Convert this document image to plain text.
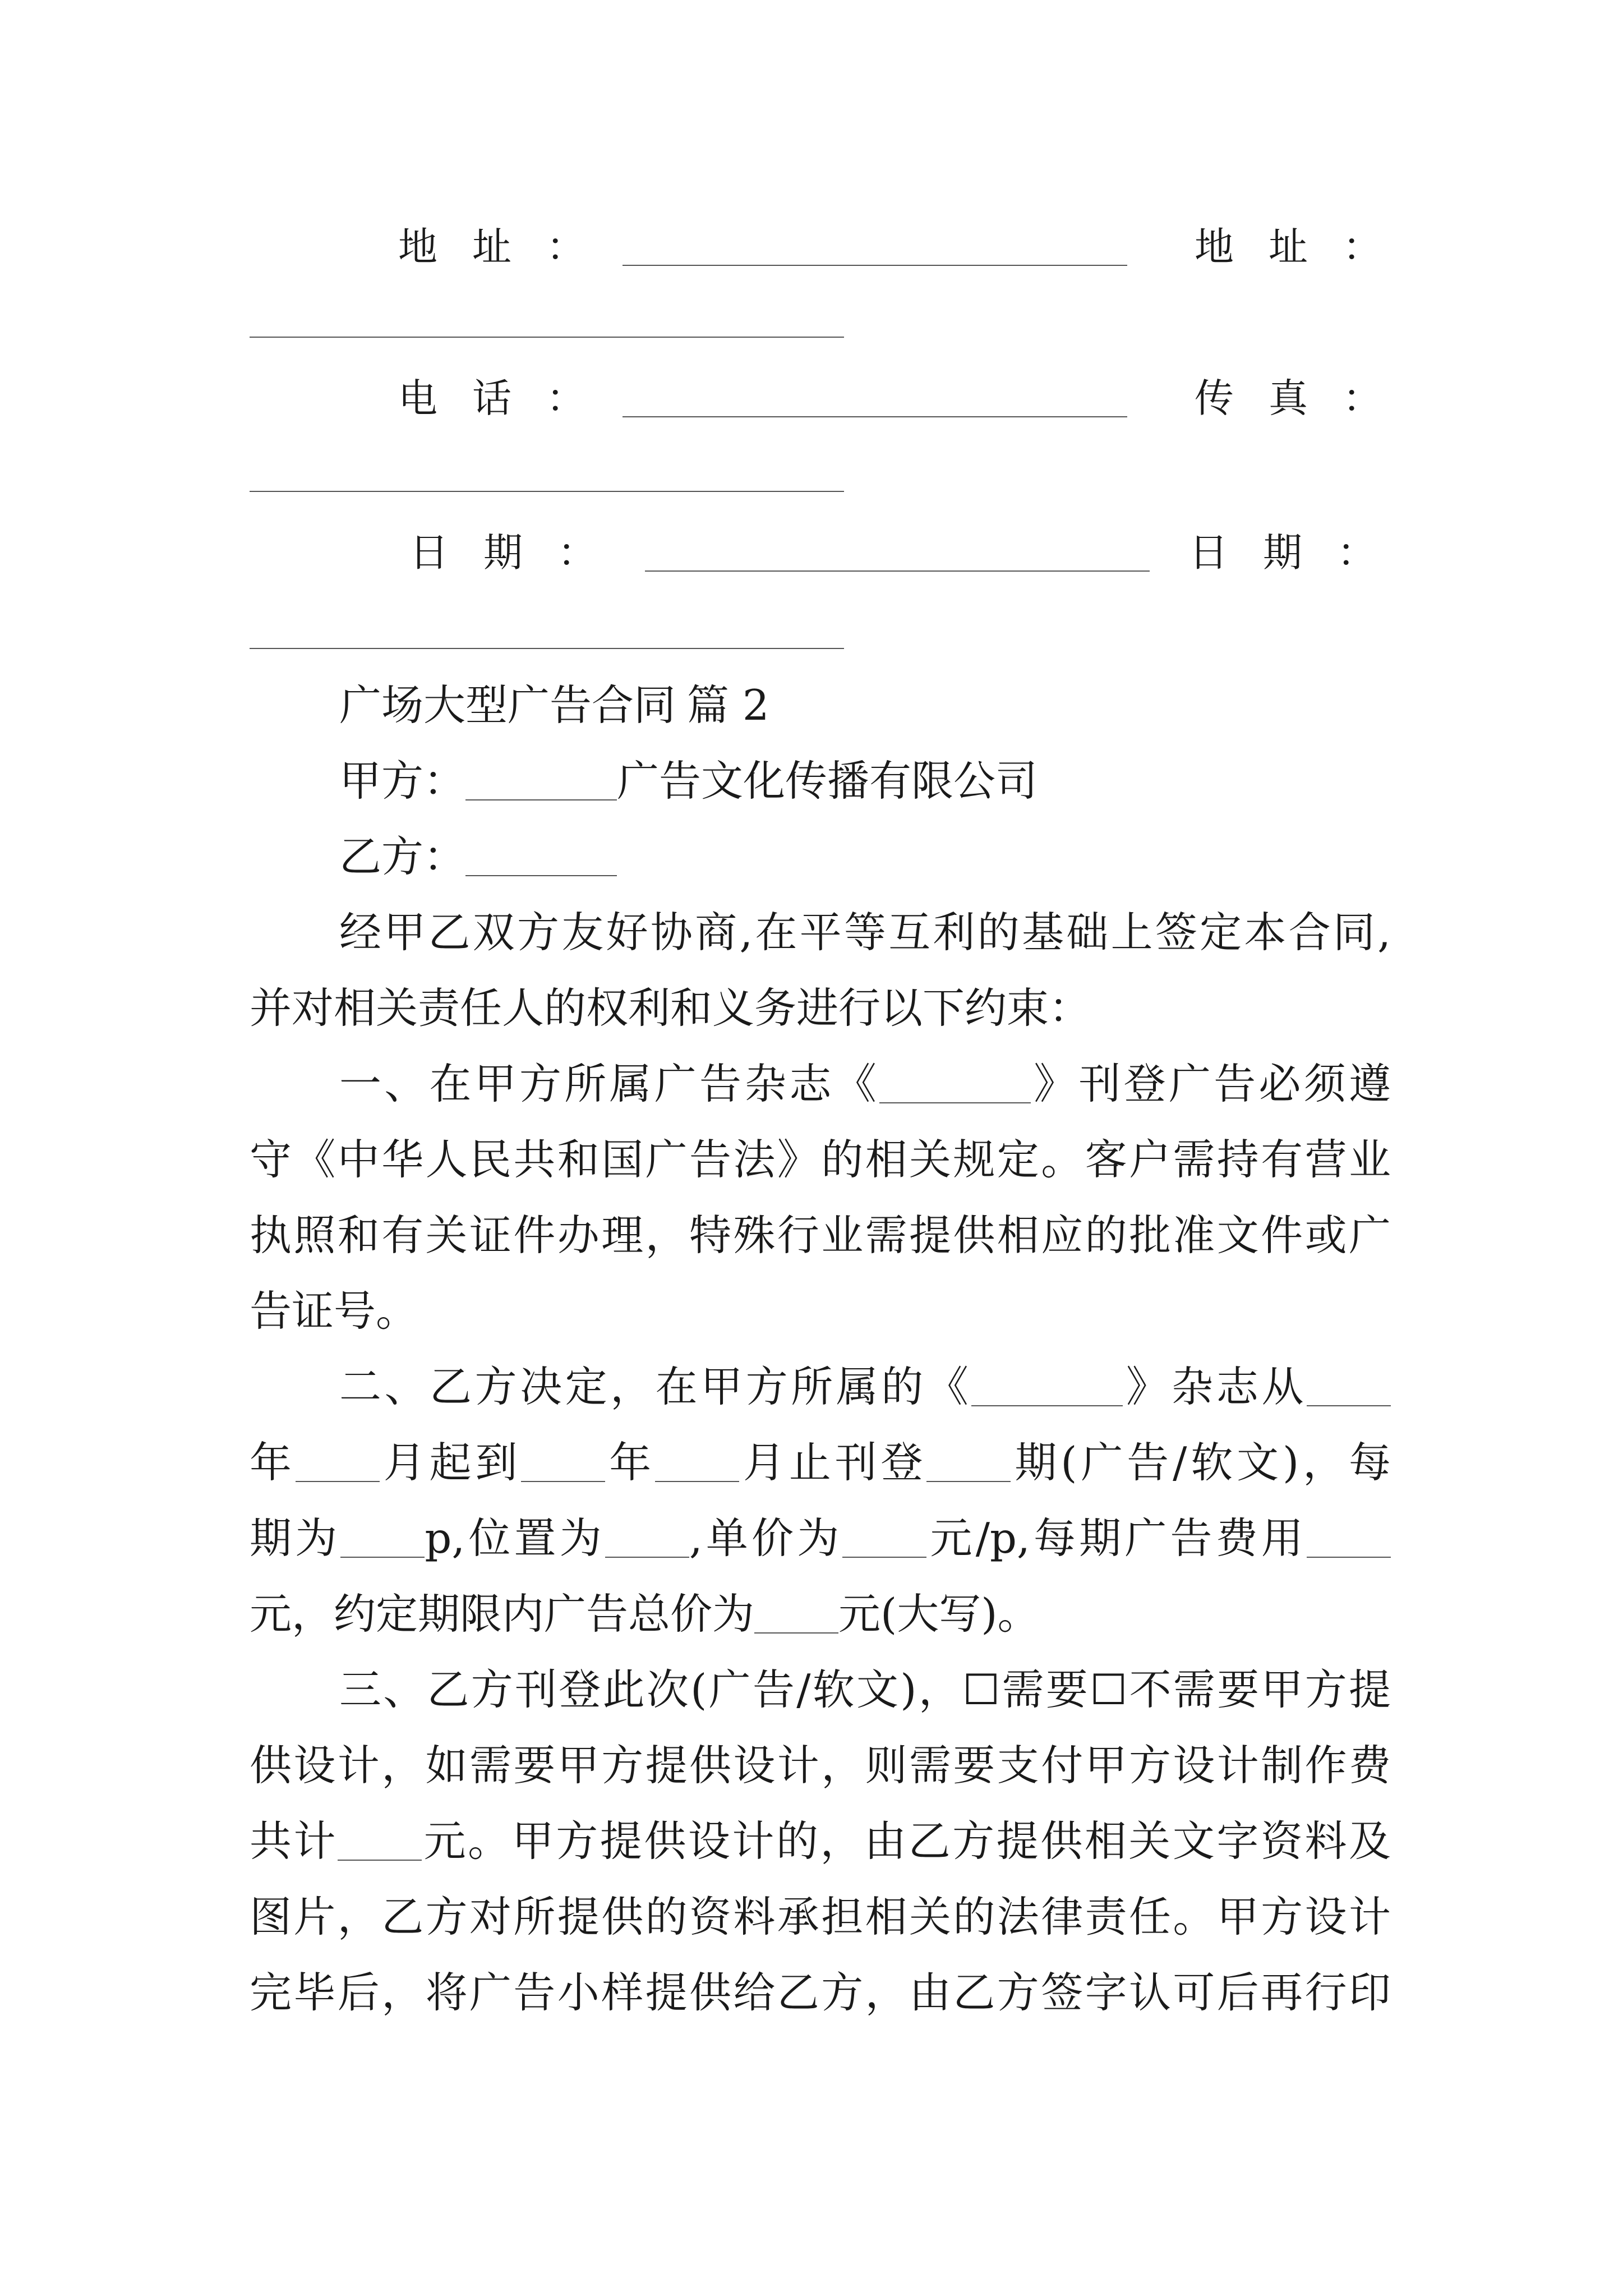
地址：	地址：
电话：	传真：
日期：	日期：
广场大型广告合同 篇 2
甲方：	广告文化传播有限公司
乙方：
经甲乙双方友好协商,在平等互利的基础上签定本合同,
并对相关责任人的权利和义务进行以下约束：
一、在甲方所属广告杂志《	》刊登广告必须遵
守《中华人民共和国广告法》的相关规定。客户需持有营业
执照和有关证件办理，特殊行业需提供相应的批准文件或广
告证号。
二、乙方决定，在甲方所属的《	》杂志从
年 月起到 年 月止刊登 期(广告/软文)，每
期为 p,位置为 ,单价为 元/p,每期广告费用
元，约定期限内广告总价为 元(大写)。
三、乙方刊登此次(广告/软文)，☐需要☐不需要甲方提
供设计，如需要甲方提供设计，则需要支付甲方设计制作费
共计 元。甲方提供设计的，由乙方提供相关文字资料及
图片，乙方对所提供的资料承担相关的法律责任。甲方设计
完毕后，将广告小样提供给乙方，由乙方签字认可后再行印
